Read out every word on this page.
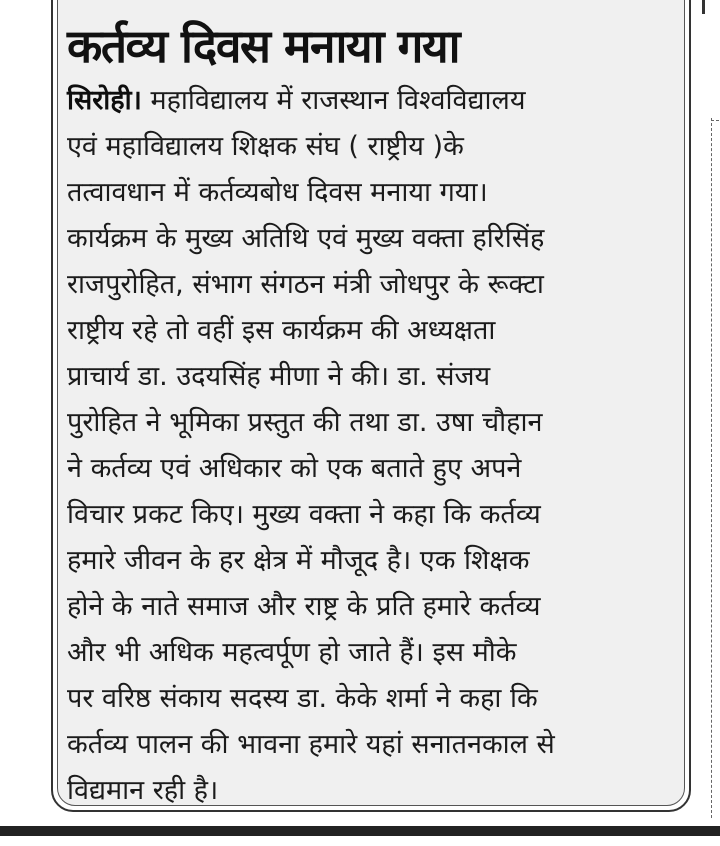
कर्तव्य दिवस मनाया गया
सिरोही। महाविद्यालय में राजस्थान विश्वविद्यालय
एवं महाविद्यालय शिक्षक संघ ( राष्ट्रीय )के
तत्वावधान में कर्तव्यबोध दिवस मनाया गया।
कार्यक्रम के मुख्य अतिथि एवं मुख्य वक्ता हरिसिंह
राजपुरोहित, संभाग संगठन मंत्री जोधपुर के रूक्टा
राष्ट्रीय रहे तो वहीं इस कार्यक्रम की अध्यक्षता
प्राचार्य डा. उदयसिंह मीणा ने की। डा. संजय
पुरोहित ने भूमिका प्रस्तुत की तथा डा. उषा चौहान
ने कर्तव्य एवं अधिकार को एक बताते हुए अपने
विचार प्रकट किए। मुख्य वक्ता ने कहा कि कर्तव्य
हमारे जीवन के हर क्षेत्र में मौजूद है। एक शिक्षक
होने के नाते समाज और राष्ट्र के प्रति हमारे कर्तव्य
और भी अधिक महत्वर्पूण हो जाते हैं। इस मौके
पर वरिष्ठ संकाय सदस्य डा. केके शर्मा ने कहा कि
कर्तव्य पालन की भावना हमारे यहां सनातनकाल से
विद्यमान रही है।
